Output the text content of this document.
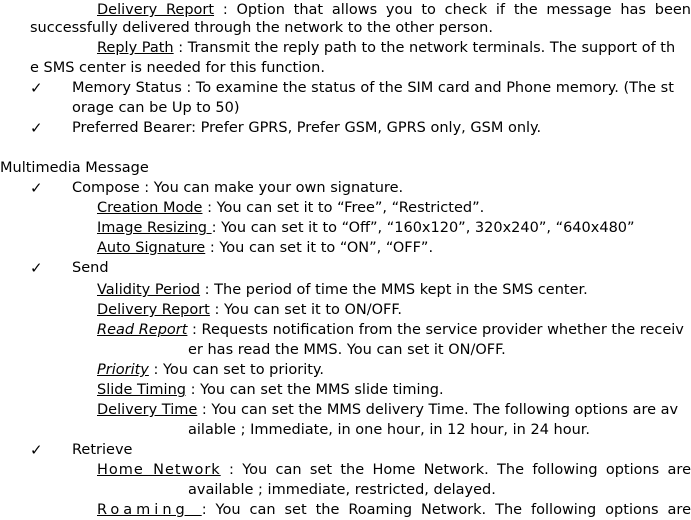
Delivery Report : Option that allows you to check if the message has been
successfully delivered through the network to the other person.
Reply Path : Transmit the reply path to the network terminals. The support of th
e SMS center is needed for this function.
✓ Memory Status : To examine the status of the SIM card and Phone memory. (The st
orage can be Up to 50)
✓ Preferred Bearer: Prefer GPRS, Prefer GSM, GPRS only, GSM only.
Multimedia Message
✓ Compose : You can make your own signature.
Creation Mode : You can set it to “Free”, “Restricted”.
Image Resizing : You can set it to “Off”, “160x120”, 320x240”, “640x480”
Auto Signature : You can set it to “ON”, “OFF”.
✓ Send
Validity Period : The period of time the MMS kept in the SMS center.
Delivery Report : You can set it to ON/OFF.
Read Report : Requests notification from the service provider whether the receiv
er has read the MMS. You can set it ON/OFF.
Priority : You can set to priority.
Slide Timing : You can set the MMS slide timing.
Delivery Time : You can set the MMS delivery Time. The following options are av
ailable ; Immediate, in one hour, in 12 hour, in 24 hour.
✓ Retrieve
Home Network : You can set the Home Network. The following options are
available ; immediate, restricted, delayed.
Roaming : You can set the Roaming Network. The following options are
